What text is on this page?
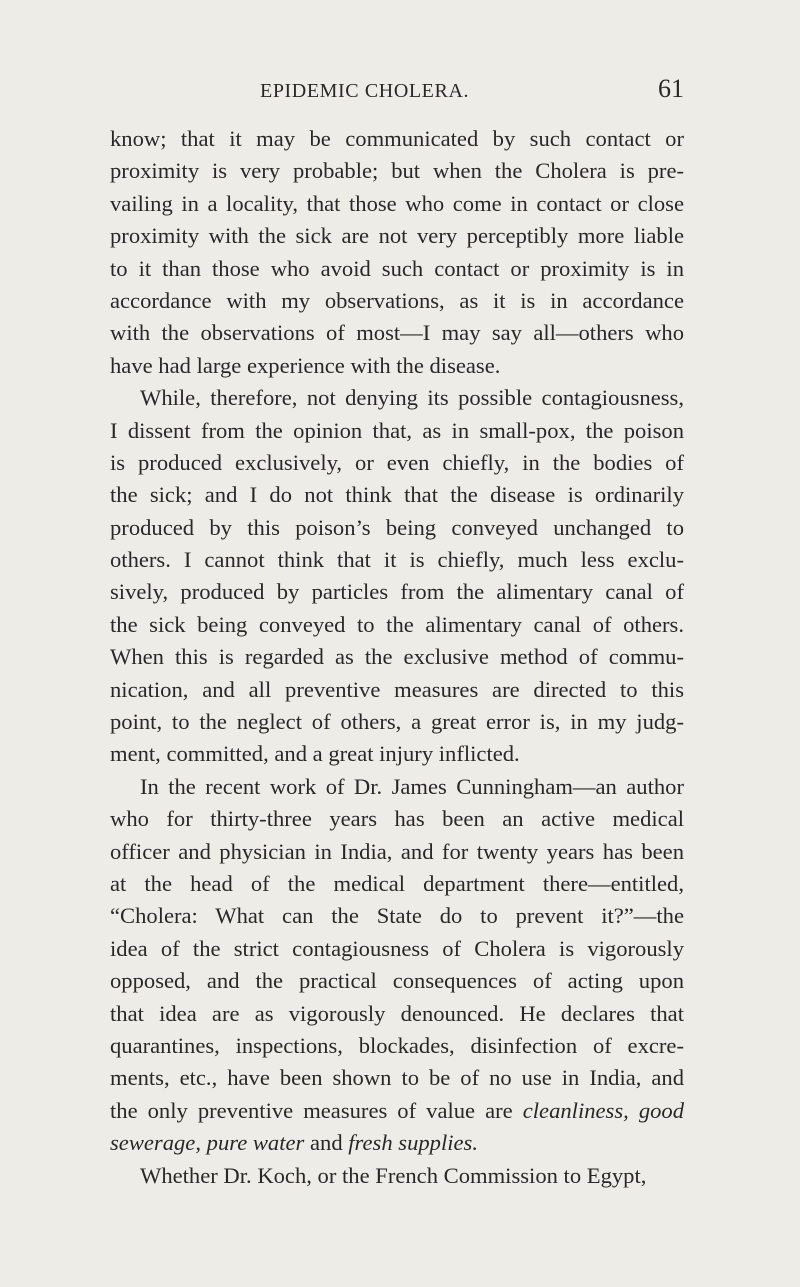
EPIDEMIC CHOLERA.	61
know; that it may be communicated by such contact or
proximity is very probable; but when the Cholera is pre-
vailing in a locality, that those who come in contact or close
proximity with the sick are not very perceptibly more liable
to it than those who avoid such contact or proximity is in
accordance with my observations, as it is in accordance
with the observations of most—I may say all—others who
have had large experience with the disease.
While, therefore, not denying its possible contagiousness,
I dissent from the opinion that, as in small-pox, the poison
is produced exclusively, or even chiefly, in the bodies of
the sick; and I do not think that the disease is ordinarily
produced by this poison’s being conveyed unchanged to
others. I cannot think that it is chiefly, much less exclu-
sively, produced by particles from the alimentary canal of
the sick being conveyed to the alimentary canal of others.
When this is regarded as the exclusive method of commu-
nication, and all preventive measures are directed to this
point, to the neglect of others, a great error is, in my judg-
ment, committed, and a great injury inflicted.
In the recent work of Dr. James Cunningham—an author
who for thirty-three years has been an active medical
officer and physician in India, and for twenty years has been
at the head of the medical department there—entitled,
“Cholera: What can the State do to prevent it?”—the
idea of the strict contagiousness of Cholera is vigorously
opposed, and the practical consequences of acting upon
that idea are as vigorously denounced. He declares that
quarantines, inspections, blockades, disinfection of excre-
ments, etc., have been shown to be of no use in India, and
the only preventive measures of value are cleanliness, good
sewerage, pure water and fresh supplies.
Whether Dr. Koch, or the French Commission to Egypt,
